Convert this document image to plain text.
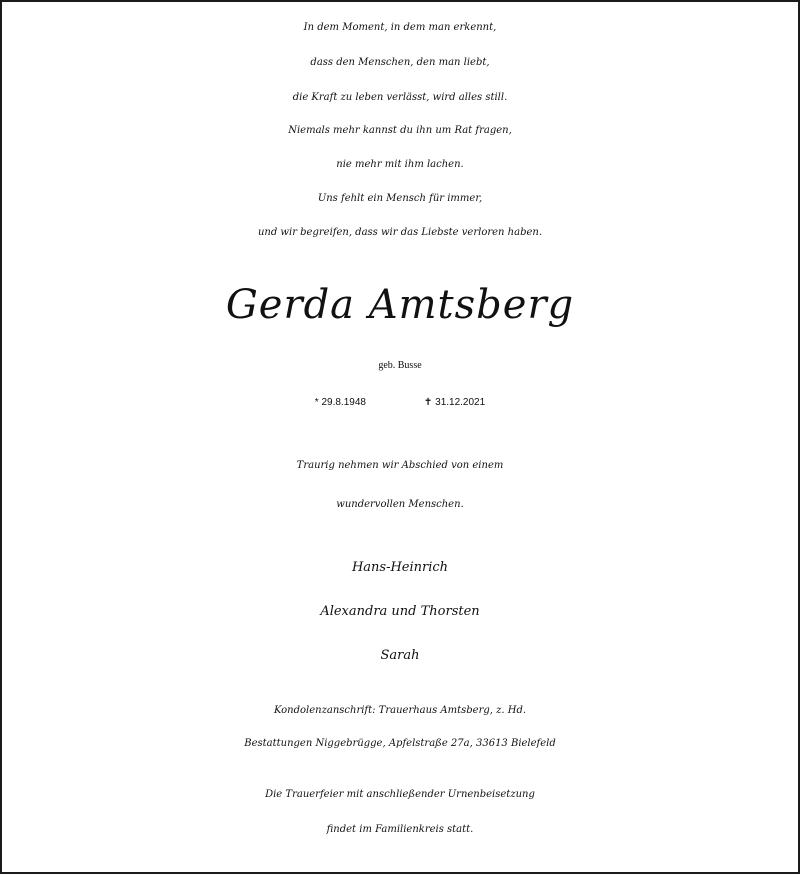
In dem Moment, in dem man erkennt,
dass den Menschen, den man liebt,
die Kraft zu leben verlässt, wird alles still.
Niemals mehr kannst du ihn um Rat fragen,
nie mehr mit ihm lachen.
Uns fehlt ein Mensch für immer,
und wir begreifen, dass wir das Liebste verloren haben.
Gerda Amtsberg
geb. Busse
* 29.8.1948	✝ 31.12.2021
Traurig nehmen wir Abschied von einem
wundervollen Menschen.
Hans-Heinrich
Alexandra und Thorsten
Sarah
Kondolenzanschrift: Trauerhaus Amtsberg, z. Hd.
Bestattungen Niggebrügge, Apfelstraße 27a, 33613 Bielefeld
Die Trauerfeier mit anschließender Urnenbeisetzung
findet im Familienkreis statt.
